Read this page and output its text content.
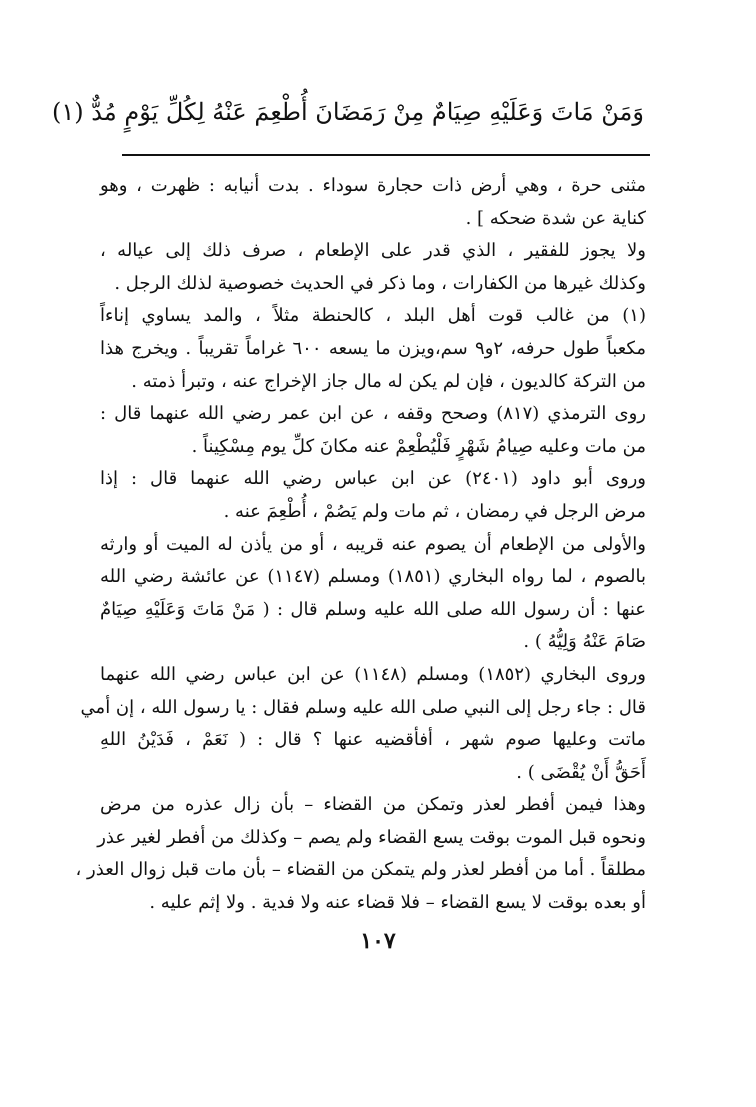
وَمَنْ مَاتَ وَعَلَيْهِ صِيَامٌ مِنْ رَمَضَانَ أُطْعِمَ عَنْهُ لِكُلِّ يَوْمٍ مُدٌّ (١)
مثنى حرة ، وهي أرض ذات حجارة سوداء . بدت أنيابه : ظهرت ، وهو
كناية عن شدة ضحكه ] .
ولا يجوز للفقير ، الذي قدر على الإطعام ، صرف ذلك إلى عياله ،
وكذلك غيرها من الكفارات ، وما ذكر في الحديث خصوصية لذلك الرجل .
(١) من غالب قوت أهل البلد ، كالحنطة مثلاً ، والمد يساوي إناءاً
مكعباً طول حرفه، ٢و٩ سم،ويزن ما يسعه ٦٠٠ غراماً تقريباً . ويخرج هذا
من التركة كالديون ، فإن لم يكن له مال جاز الإخراج عنه ، وتبرأ ذمته .
روى الترمذي (٨١٧) وصحح وقفه ، عن ابن عمر رضي الله عنهما قال :
من مات وعليه صِيامُ شَهْرٍ فَلْيُطْعِمْ عنه مكانَ كلِّ يوم مِسْكِيناً .
وروى أبو داود (٢٤٠١) عن ابن عباس رضي الله عنهما قال : إذا
مرض الرجل في رمضان ، ثم مات ولم يَصُمْ ، أُطْعِمَ عنه .
والأولى من الإطعام أن يصوم عنه قريبه ، أو من يأذن له الميت أو وارثه
بالصوم ، لما رواه البخاري (١٨٥١) ومسلم (١١٤٧) عن عائشة رضي الله
عنها : أن رسول الله صلى الله عليه وسلم قال : ( مَنْ مَاتَ وَعَلَيْهِ صِيَامٌ
صَامَ عَنْهُ وَلِيُّهُ ) .
وروى البخاري (١٨٥٢) ومسلم (١١٤٨) عن ابن عباس رضي الله عنهما
قال : جاء رجل إلى النبي صلى الله عليه وسلم فقال : يا رسول الله ، إن أمي
ماتت وعليها صوم شهر ، أفأقضيه عنها ؟ قال : ( نَعَمْ ، فَدَيْنُ اللهِ
أَحَقُّ أَنْ يُقْضَى ) .
وهذا فيمن أفطر لعذر وتمكن من القضاء – بأن زال عذره من مرض
ونحوه قبل الموت بوقت يسع القضاء ولم يصم – وكذلك من أفطر لغير عذر
مطلقاً . أما من أفطر لعذر ولم يتمكن من القضاء – بأن مات قبل زوال العذر ،
أو بعده بوقت لا يسع القضاء – فلا قضاء عنه ولا فدية . ولا إثم عليه .
١٠٧
